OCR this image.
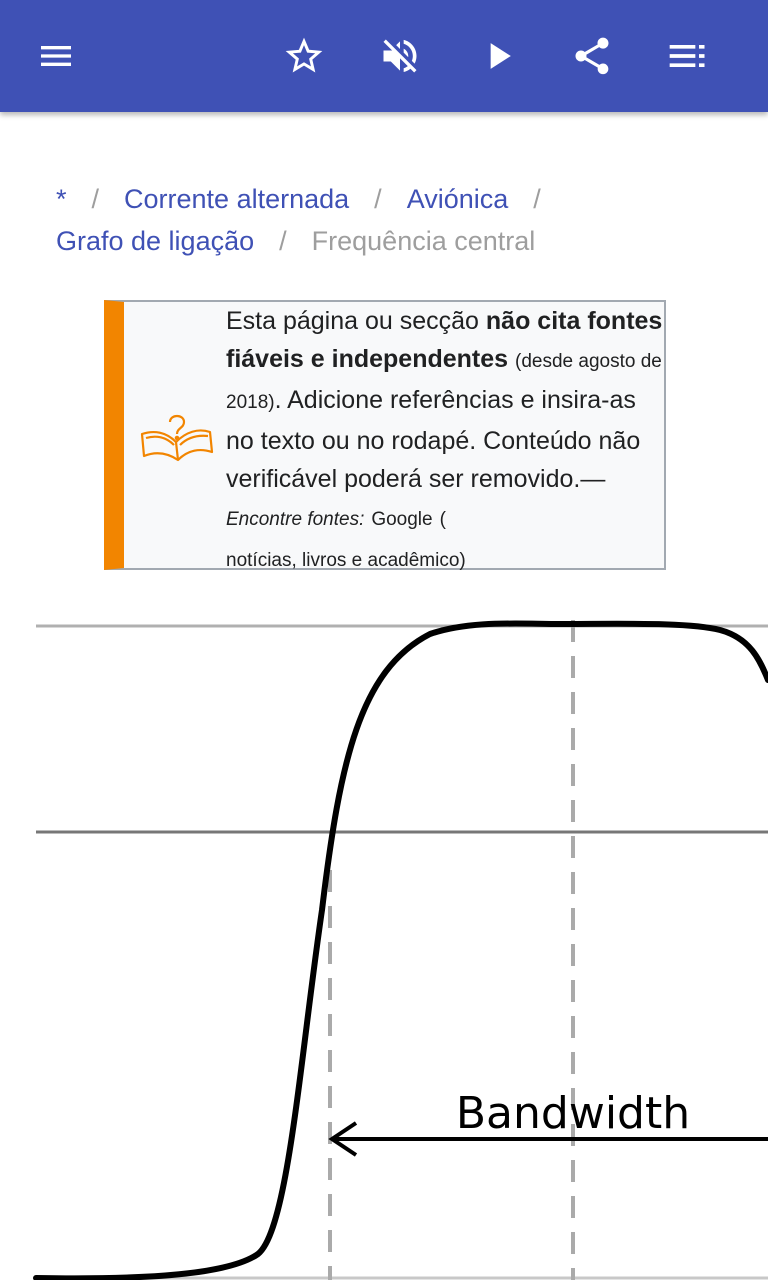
* / Corrente alternada / Aviónica /
Grafo de ligação / Frequência central
Esta página ou secção não cita fontes fiáveis e independentes (desde agosto de 2018). Adicione referências e insira-as no texto ou no rodapé. Conteúdo não verificável poderá ser removido.—Encontre fontes: Google (
notícias, livros e acadêmico)
Bandwidth
